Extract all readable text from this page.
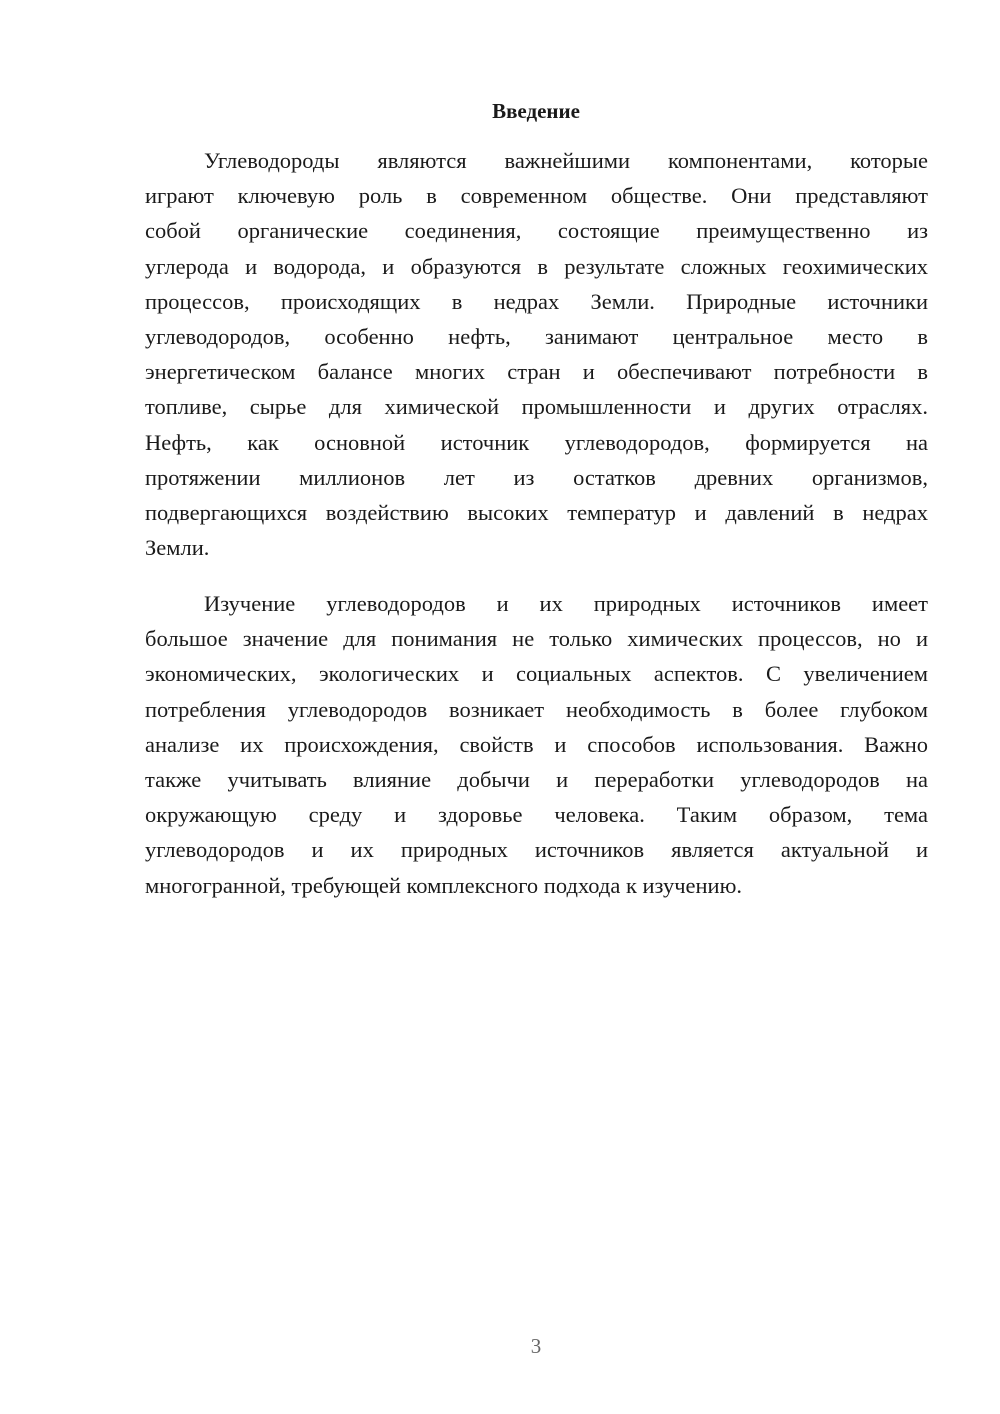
Введение
Углеводороды являются важнейшими компонентами, которые
играют ключевую роль в современном обществе. Они представляют
собой органические соединения, состоящие преимущественно из
углерода и водорода, и образуются в результате сложных геохимических
процессов, происходящих в недрах Земли. Природные источники
углеводородов, особенно нефть, занимают центральное место в
энергетическом балансе многих стран и обеспечивают потребности в
топливе, сырье для химической промышленности и других отраслях.
Нефть, как основной источник углеводородов, формируется на
протяжении миллионов лет из остатков древних организмов,
подвергающихся воздействию высоких температур и давлений в недрах
Земли.
Изучение углеводородов и их природных источников имеет
большое значение для понимания не только химических процессов, но и
экономических, экологических и социальных аспектов. С увеличением
потребления углеводородов возникает необходимость в более глубоком
анализе их происхождения, свойств и способов использования. Важно
также учитывать влияние добычи и переработки углеводородов на
окружающую среду и здоровье человека. Таким образом, тема
углеводородов и их природных источников является актуальной и
многогранной, требующей комплексного подхода к изучению.
3
